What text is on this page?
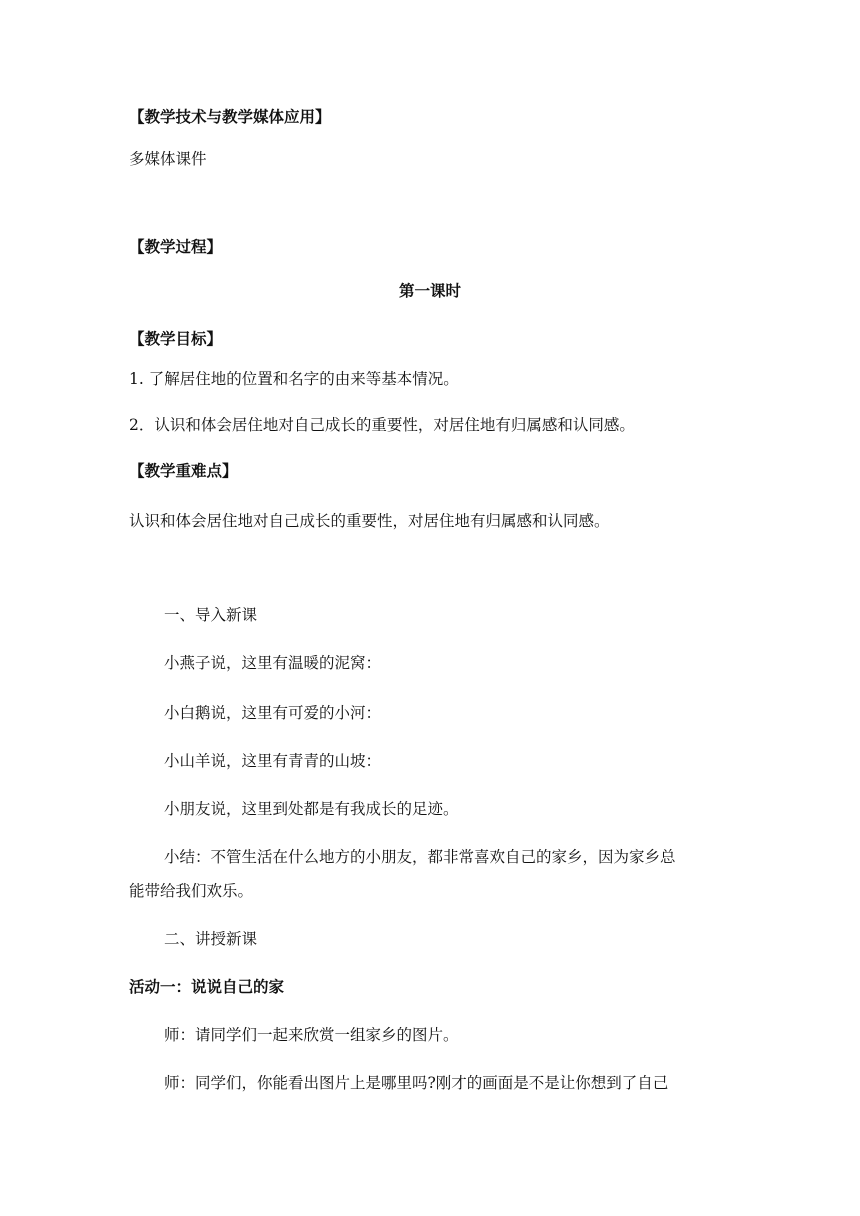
【教学技术与教学媒体应用】
多媒体课件
【教学过程】
第一课时
【教学目标】
1. 了解居住地的位置和名字的由来等基本情况。
2．认识和体会居住地对自己成长的重要性，对居住地有归属感和认同感。
【教学重难点】
认识和体会居住地对自己成长的重要性，对居住地有归属感和认同感。
一、导入新课
小燕子说，这里有温暖的泥窝：
小白鹅说，这里有可爱的小河：
小山羊说，这里有青青的山坡：
小朋友说，这里到处都是有我成长的足迹。
小结：不管生活在什么地方的小朋友，都非常喜欢自己的家乡，因为家乡总
能带给我们欢乐。
二、讲授新课
活动一：说说自己的家
师：请同学们一起来欣赏一组家乡的图片。
师：同学们，你能看出图片上是哪里吗?刚才的画面是不是让你想到了自己
